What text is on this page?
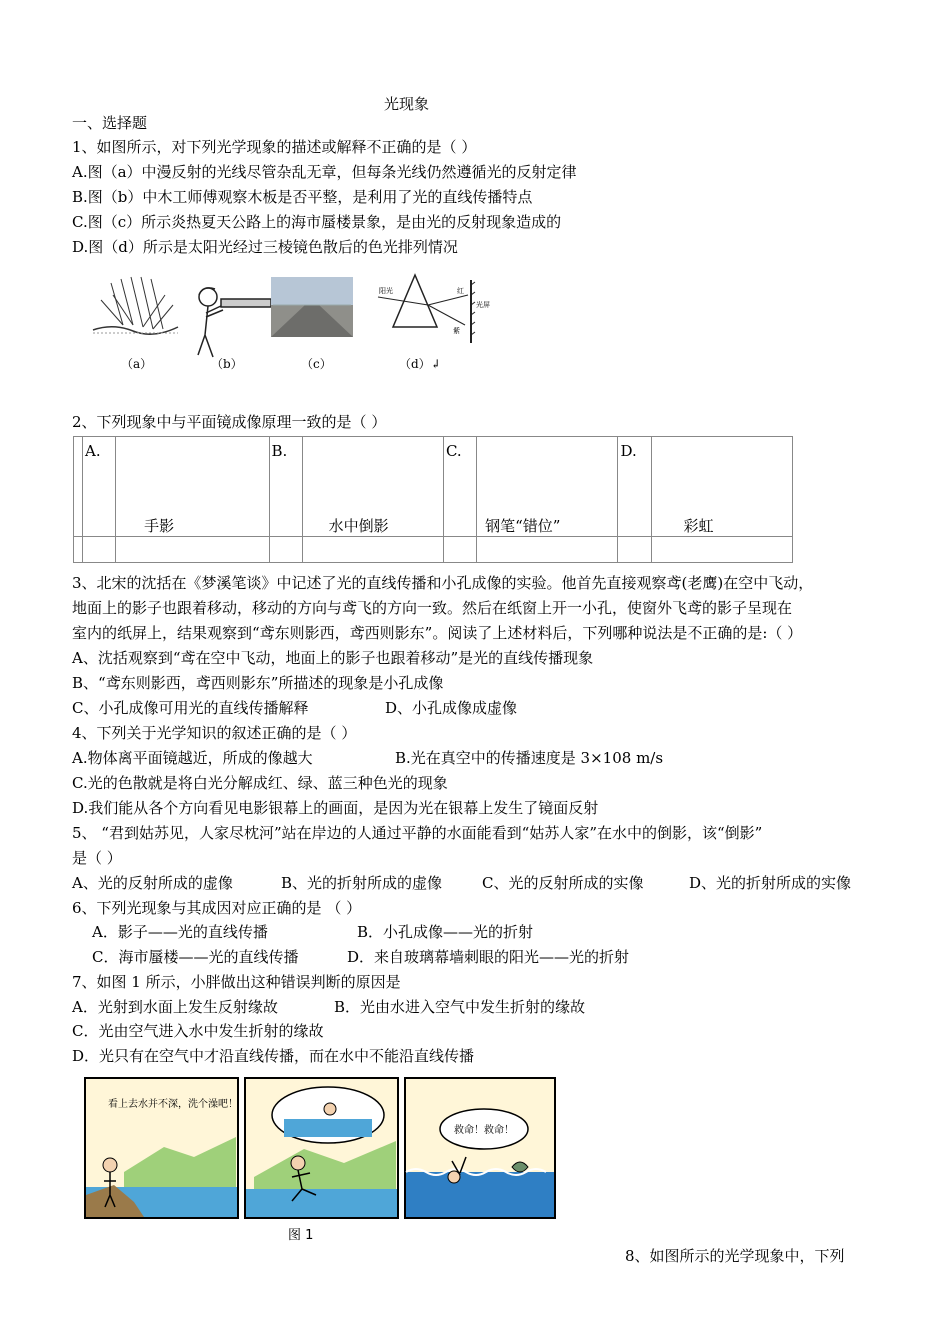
光现象
一、选择题
1、如图所示，对下列光学现象的描述或解释不正确的是（ ）
A.图（a）中漫反射的光线尽管杂乱无章，但每条光线仍然遵循光的反射定律
B.图（b）中木工师傅观察木板是否平整，是利用了光的直线传播特点
C.图（c）所示炎热夏天公路上的海市蜃楼景象，是由光的反射现象造成的
D.图（d）所示是太阳光经过三棱镜色散后的色光排列情况
阳光	红
紫
光屏
（a）	（b）	（c）	（d）↲
2、下列现象中与平面镜成像原理一致的是（ ）

	A.	手影	B.	水中倒影	C.	钢笔“错位”	D.	彩虹

3、北宋的沈括在《梦溪笔谈》中记述了光的直线传播和小孔成像的实验。他首先直接观察鸢(老鹰)在空中飞动，
地面上的影子也跟着移动，移动的方向与鸢飞的方向一致。然后在纸窗上开一小孔，使窗外飞鸢的影子呈现在
室内的纸屏上，结果观察到“鸢东则影西，鸢西则影东”。阅读了上述材料后，下列哪种说法是不正确的是:（ ）
A、沈括观察到“鸢在空中飞动，地面上的影子也跟着移动”是光的直线传播现象
B、“鸢东则影西，鸢西则影东”所描述的现象是小孔成像
C、小孔成像可用光的直线传播解释	D、小孔成像成虚像
4、下列关于光学知识的叙述正确的是（ ）
A.物体离平面镜越近，所成的像越大	B.光在真空中的传播速度是 3×108 m/s
C.光的色散就是将白光分解成红、绿、蓝三种色光的现象
D.我们能从各个方向看见电影银幕上的画面，是因为光在银幕上发生了镜面反射
5、 “君到姑苏见，人家尽枕河”站在岸边的人通过平静的水面能看到“姑苏人家”在水中的倒影，该“倒影”
是（ ）
A、光的反射所成的虚像	B、光的折射所成的虚像	C、光的反射所成的实像	D、光的折射所成的实像
6、下列光现象与其成因对应正确的是 （ ）
A．影子——光的直线传播	B．小孔成像——光的折射
C．海市蜃楼——光的直线传播	D．来自玻璃幕墙刺眼的阳光——光的折射
7、如图 1 所示，小胖做出这种错误判断的原因是
A．光射到水面上发生反射缘故	B．光由水进入空气中发生折射的缘故
C．光由空气进入水中发生折射的缘故
D．光只有在空气中才沿直线传播，而在水中不能沿直线传播
看上去水并不深，洗个澡吧！
救命！救命！
图 1
8、如图所示的光学现象中，下列
